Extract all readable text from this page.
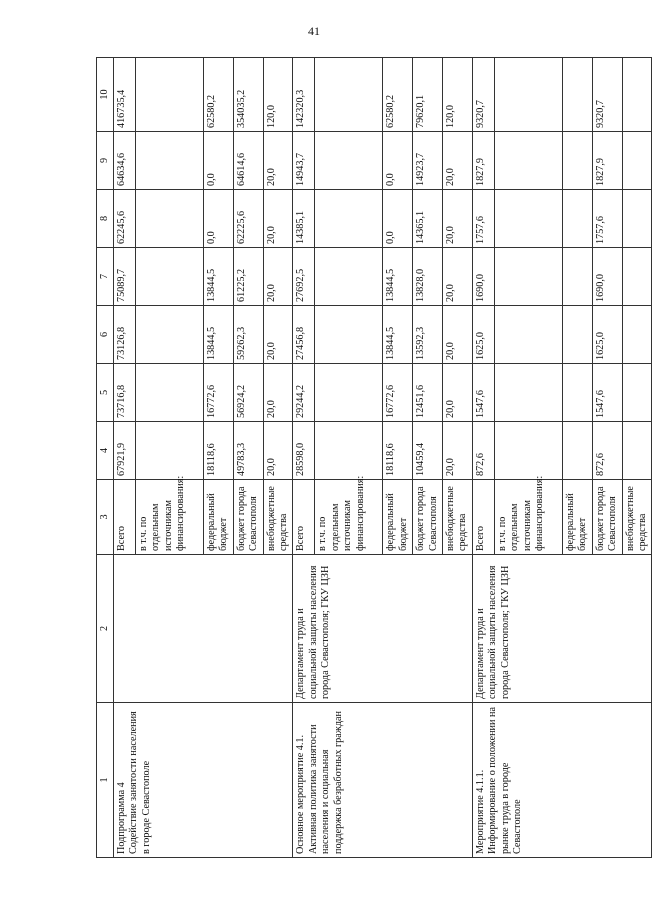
41
1	2	3	4	5	6	7	8	9	10
Подпрограмма 4
Содействие занятости населения в городе Севастополе		Всего	67921,9	73716,8	73126,8	75089,7	62245,6	64634,6	416735,4
		в т.ч. по отдельным источникам финансирования:							
		федеральный бюджет	18118,6	16772,6	13844,5	13844,5	0,0	0,0	62580,2
		бюджет города Севастополя	49783,3	56924,2	59262,3	61225,2	62225,6	64614,6	354035,2
		внебюджетные средства	20,0	20,0	20,0	20,0	20,0	20,0	120,0
Основное мероприятие 4.1. Активная политика занятости населения и социальная поддержка безработных граждан	Департамент труда и социальной защиты населения города Севастополя; ГКУ ЦЗН	Всего	28598,0	29244,2	27456,8	27692,5	14385,1	14943,7	142320,3
		в т.ч. по отдельным источникам финансирования:							
		федеральный бюджет	18118,6	16772,6	13844,5	13844,5	0,0	0,0	62580,2
		бюджет города Севастополя	10459,4	12451,6	13592,3	13828,0	14365,1	14923,7	79620,1
		внебюджетные средства	20,0	20,0	20,0	20,0	20,0	20,0	120,0
Мероприятие 4.1.1.
Информирование о положении на рынке труда в городе Севастополе	Департамент труда и социальной защиты населения города Севастополя; ГКУ ЦЗН	Всего	872,6	1547,6	1625,0	1690,0	1757,6	1827,9	9320,7
		в т.ч. по отдельным источникам финансирования:							
		федеральный бюджет							
		бюджет города Севастополя	872,6	1547,6	1625,0	1690,0	1757,6	1827,9	9320,7
		внебюджетные средства							
